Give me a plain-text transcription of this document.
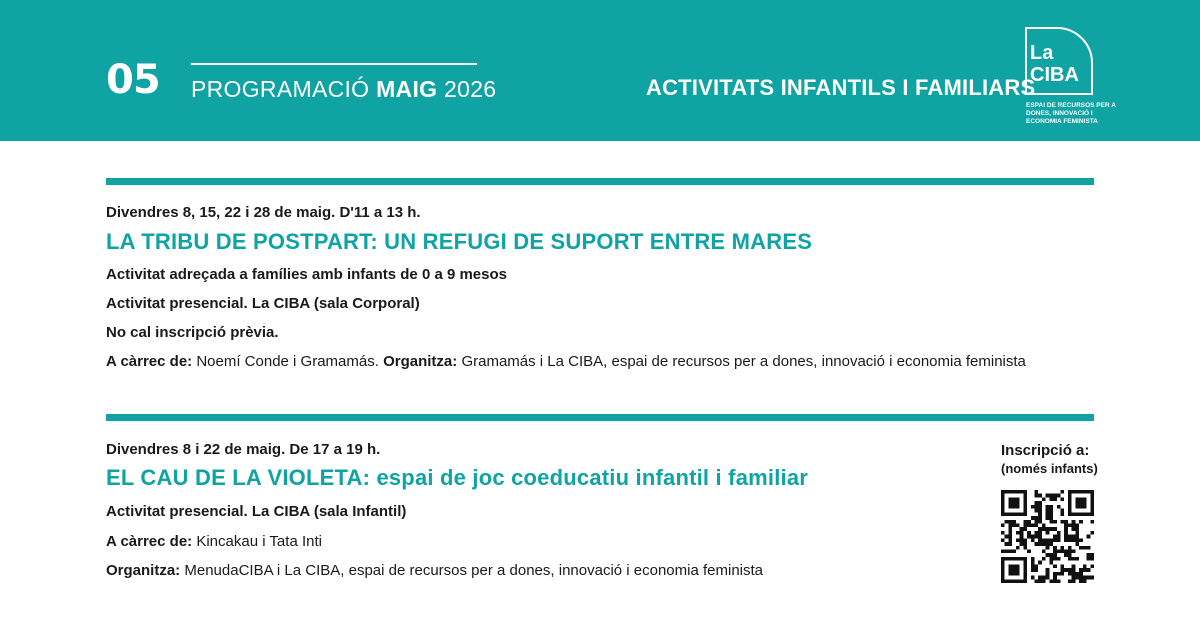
05 PROGRAMACIÓ MAIG 2026	ACTIVITATS INFANTILS I FAMILIARS
La
CIBA
ESPAI DE RECURSOS PER A DONES, INNOVACIÓ I ECONOMIA FEMINISTA
Divendres 8, 15, 22 i 28 de maig. D'11 a 13 h.
LA TRIBU DE POSTPART: UN REFUGI DE SUPORT ENTRE MARES
Activitat adreçada a famílies amb infants de 0 a 9 mesos
Activitat presencial. La CIBA (sala Corporal)
No cal inscripció prèvia.
A càrrec de: Noemí Conde i Gramamás. Organitza: Gramamás i La CIBA, espai de recursos per a dones, innovació i economia feminista
Divendres 8 i 22 de maig. De 17 a 19 h.
EL CAU DE LA VIOLETA: espai de joc coeducatiu infantil i familiar
Activitat presencial. La CIBA (sala Infantil)
A càrrec de: Kincakau i Tata Inti
Organitza: MenudaCIBA i La CIBA, espai de recursos per a dones, innovació i economia feminista
Inscripció a:
(només infants)
